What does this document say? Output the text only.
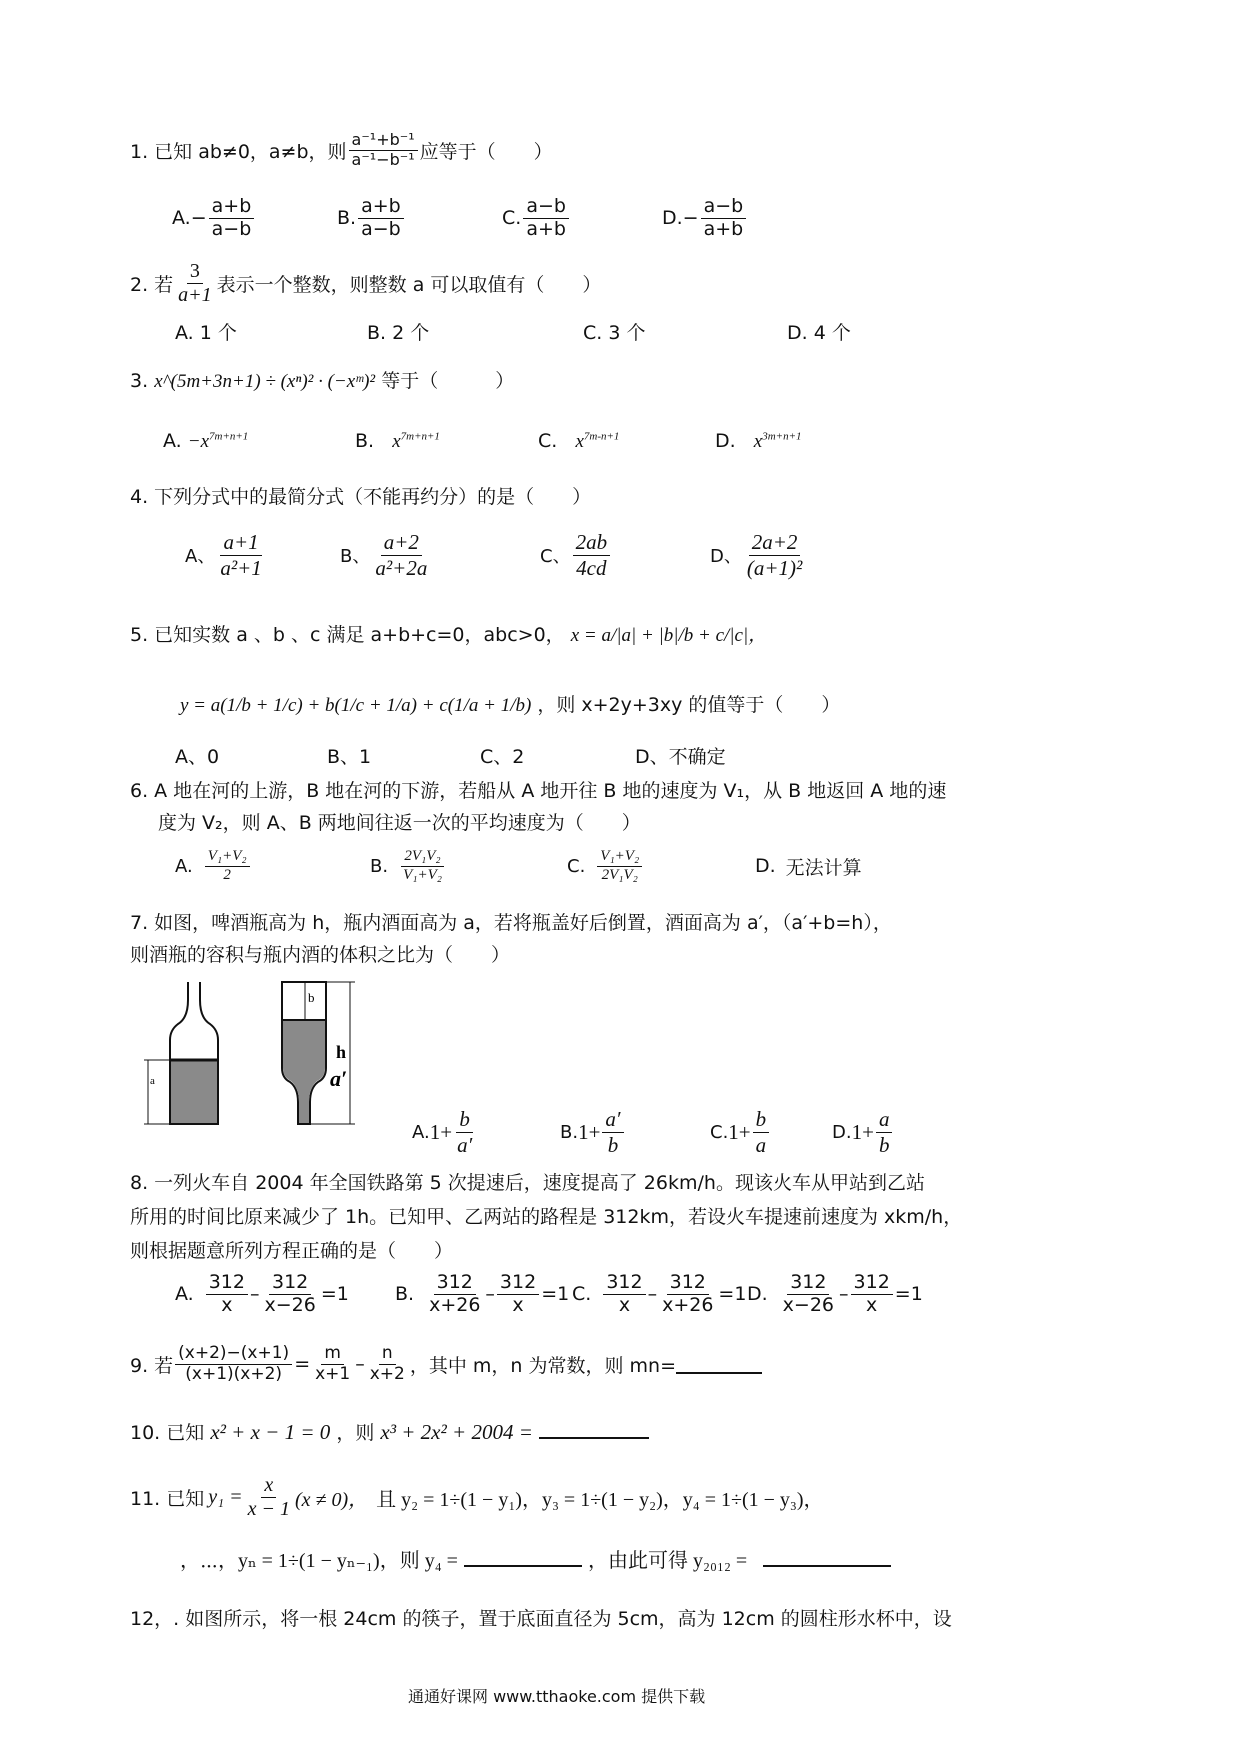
1. 已知 ab≠0，a≠b，则 $\frac{\text{a⁻¹+b⁻¹}}{\text{a⁻¹−b⁻¹}}$ 应等于（　　）
A. − $\frac{a+b}{a-b}$	B. $\frac{a+b}{a-b}$	C. $\frac{a-b}{a+b}$	D. − $\frac{a-b}{a+b}$
2. 若 $\frac{3}{a+1}$ 表示一个整数，则整数 a 可以取值有（　　）
A. 1 个	B. 2 个	C. 3 个	D. 4 个
3. x^(5m+3n+1) ÷ (xⁿ)² · (−xᵐ)² 等于（　　　）
A. $-x^{7m+n+1}$	B. $x^{7m+n+1}$	C. $x^{7m-n+1}$	D. $x^{3m+n+1}$
4. 下列分式中的最简分式（不能再约分）的是（　　）
A、 $\frac{a+1}{\text{a²+1}}$	B、 $\frac{a+2}{\text{a²+2a}}$	C、 $\frac{2ab}{4cd}$	D、 $\frac{2a+2}{\text{(a+1)²}}$
5. 已知实数 a 、b 、c 满足 a+b+c=0，abc>0， x = a/|a| + |b|/b + c/|c|，
y = a(1/b + 1/c) + b(1/c + 1/a) + c(1/a + 1/b) ，则 x+2y+3xy 的值等于（　　）
A、0	B、1	C、2	D、不确定
6. A 地在河的上游，B 地在河的下游，若船从 A 地开往 B 地的速度为 V₁，从 B 地返回 A 地的速
度为 V₂，则 A、B 两地间往返一次的平均速度为（　　）
A. $\frac{\text{V₁+V₂}}{2}$	B. $\frac{\text{2V₁V₂}}{\text{V₁+V₂}}$	C. $\frac{\text{V₁+V₂}}{\text{2V₁V₂}}$	D. 无法计算
7. 如图，啤酒瓶高为 h，瓶内酒面高为 a，若将瓶盖好后倒置，酒面高为 a′，（a′+b=h），
则酒瓶的容积与瓶内酒的体积之比为（　　）
a
b
h
a′
A. $1+ \frac{b}{a'}$	B. $1+ \frac{a'}{b}$	C. $1+ \frac{b}{a}$	D. $1+ \frac{a}{b}$
8. 一列火车自 2004 年全国铁路第 5 次提速后，速度提高了 26km/h。现该火车从甲站到乙站
所用的时间比原来减少了 1h。已知甲、乙两站的路程是 312km，若设火车提速前速度为 xkm/h，
则根据题意所列方程正确的是（　　）
A. $\frac{312}{x} - \frac{312}{x-26} =1$ B. $\frac{312}{x+26} - \frac{312}{x} =1$ C. $\frac{312}{x} - \frac{312}{x+26} =1$ D. $\frac{312}{x-26} - \frac{312}{x} =1$
9. 若 $\frac{(x+2)-(x+1)}{(x+1)(x+2)} = \frac{m}{x+1} - \frac{n}{x+2}$ ，其中 m，n 为常数，则 mn=
10. 已知 x² + x − 1 = 0 ，则 x³ + 2x² + 2004 =
11. 已知 $y_1 = \frac{x}{x - 1} (x \ne 0)$， 且 y₂ = 1÷(1 − y₁)，y₃ = 1÷(1 − y₂)，y₄ = 1÷(1 − y₃)，
，⋯，yₙ = 1÷(1 − yₙ₋₁)，则 y₄ =	，由此可得 y₂₀₁₂ =
12，. 如图所示，将一根 24cm 的筷子，置于底面直径为 5cm，高为 12cm 的圆柱形水杯中，设
通通好课网 www.tthaoke.com 提供下载
